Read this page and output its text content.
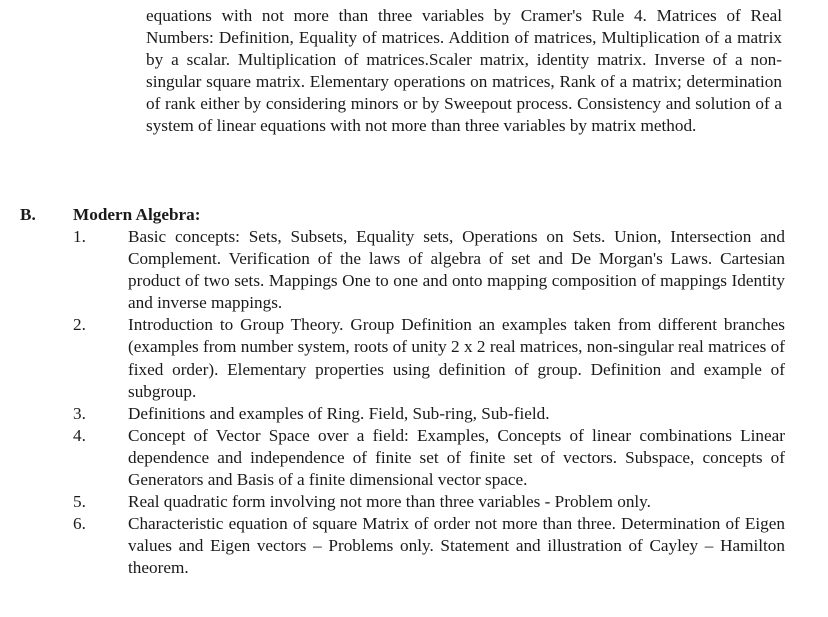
equations with not more than three variables by Cramer's Rule 4. Matrices of Real Numbers: Definition, Equality of matrices. Addition of matrices, Multiplication of a matrix by a scalar. Multiplication of matrices.Scaler matrix, identity matrix. Inverse of a non-singular square matrix. Elementary operations on matrices, Rank of a matrix; determination of rank either by considering minors or by Sweepout process. Consistency and solution of a system of linear equations with not more than three variables by matrix method.

B. Modern Algebra:
1.	Basic concepts: Sets, Subsets, Equality sets, Operations on Sets. Union, Intersection and Complement. Verification of the laws of algebra of set and De Morgan's Laws. Cartesian product of two sets. Mappings One to one and onto mapping composition of mappings Identity and inverse mappings.
2.	Introduction to Group Theory. Group Definition an examples taken from different branches (examples from number system, roots of unity 2 x 2 real matrices, non-singular real matrices of fixed order). Elementary properties using definition of group. Definition and example of subgroup.
3.	Definitions and examples of Ring. Field, Sub-ring, Sub-field.
4.	Concept of Vector Space over a field: Examples, Concepts of linear combinations Linear dependence and independence of finite set of finite set of vectors. Subspace, concepts of Generators and Basis of a finite dimensional vector space.
5.	Real quadratic form involving not more than three variables - Problem only.
6.	Characteristic equation of square Matrix of order not more than three. Determination of Eigen values and Eigen vectors – Problems only. Statement and illustration of Cayley – Hamilton theorem.
